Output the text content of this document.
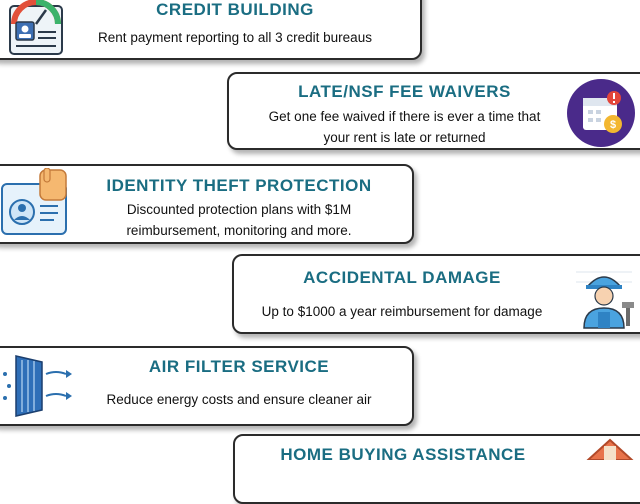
CREDIT BUILDING
Rent payment reporting to all 3 credit bureaus
LATE/NSF FEE WAIVERS
Get one fee waived if there is ever a time that
your rent is late or returned
$
IDENTITY THEFT PROTECTION
Discounted protection plans with $1M
reimbursement, monitoring and more.
ACCIDENTAL DAMAGE
Up to $1000 a year reimbursement for damage
AIR FILTER SERVICE
Reduce energy costs and ensure cleaner air
HOME BUYING ASSISTANCE
